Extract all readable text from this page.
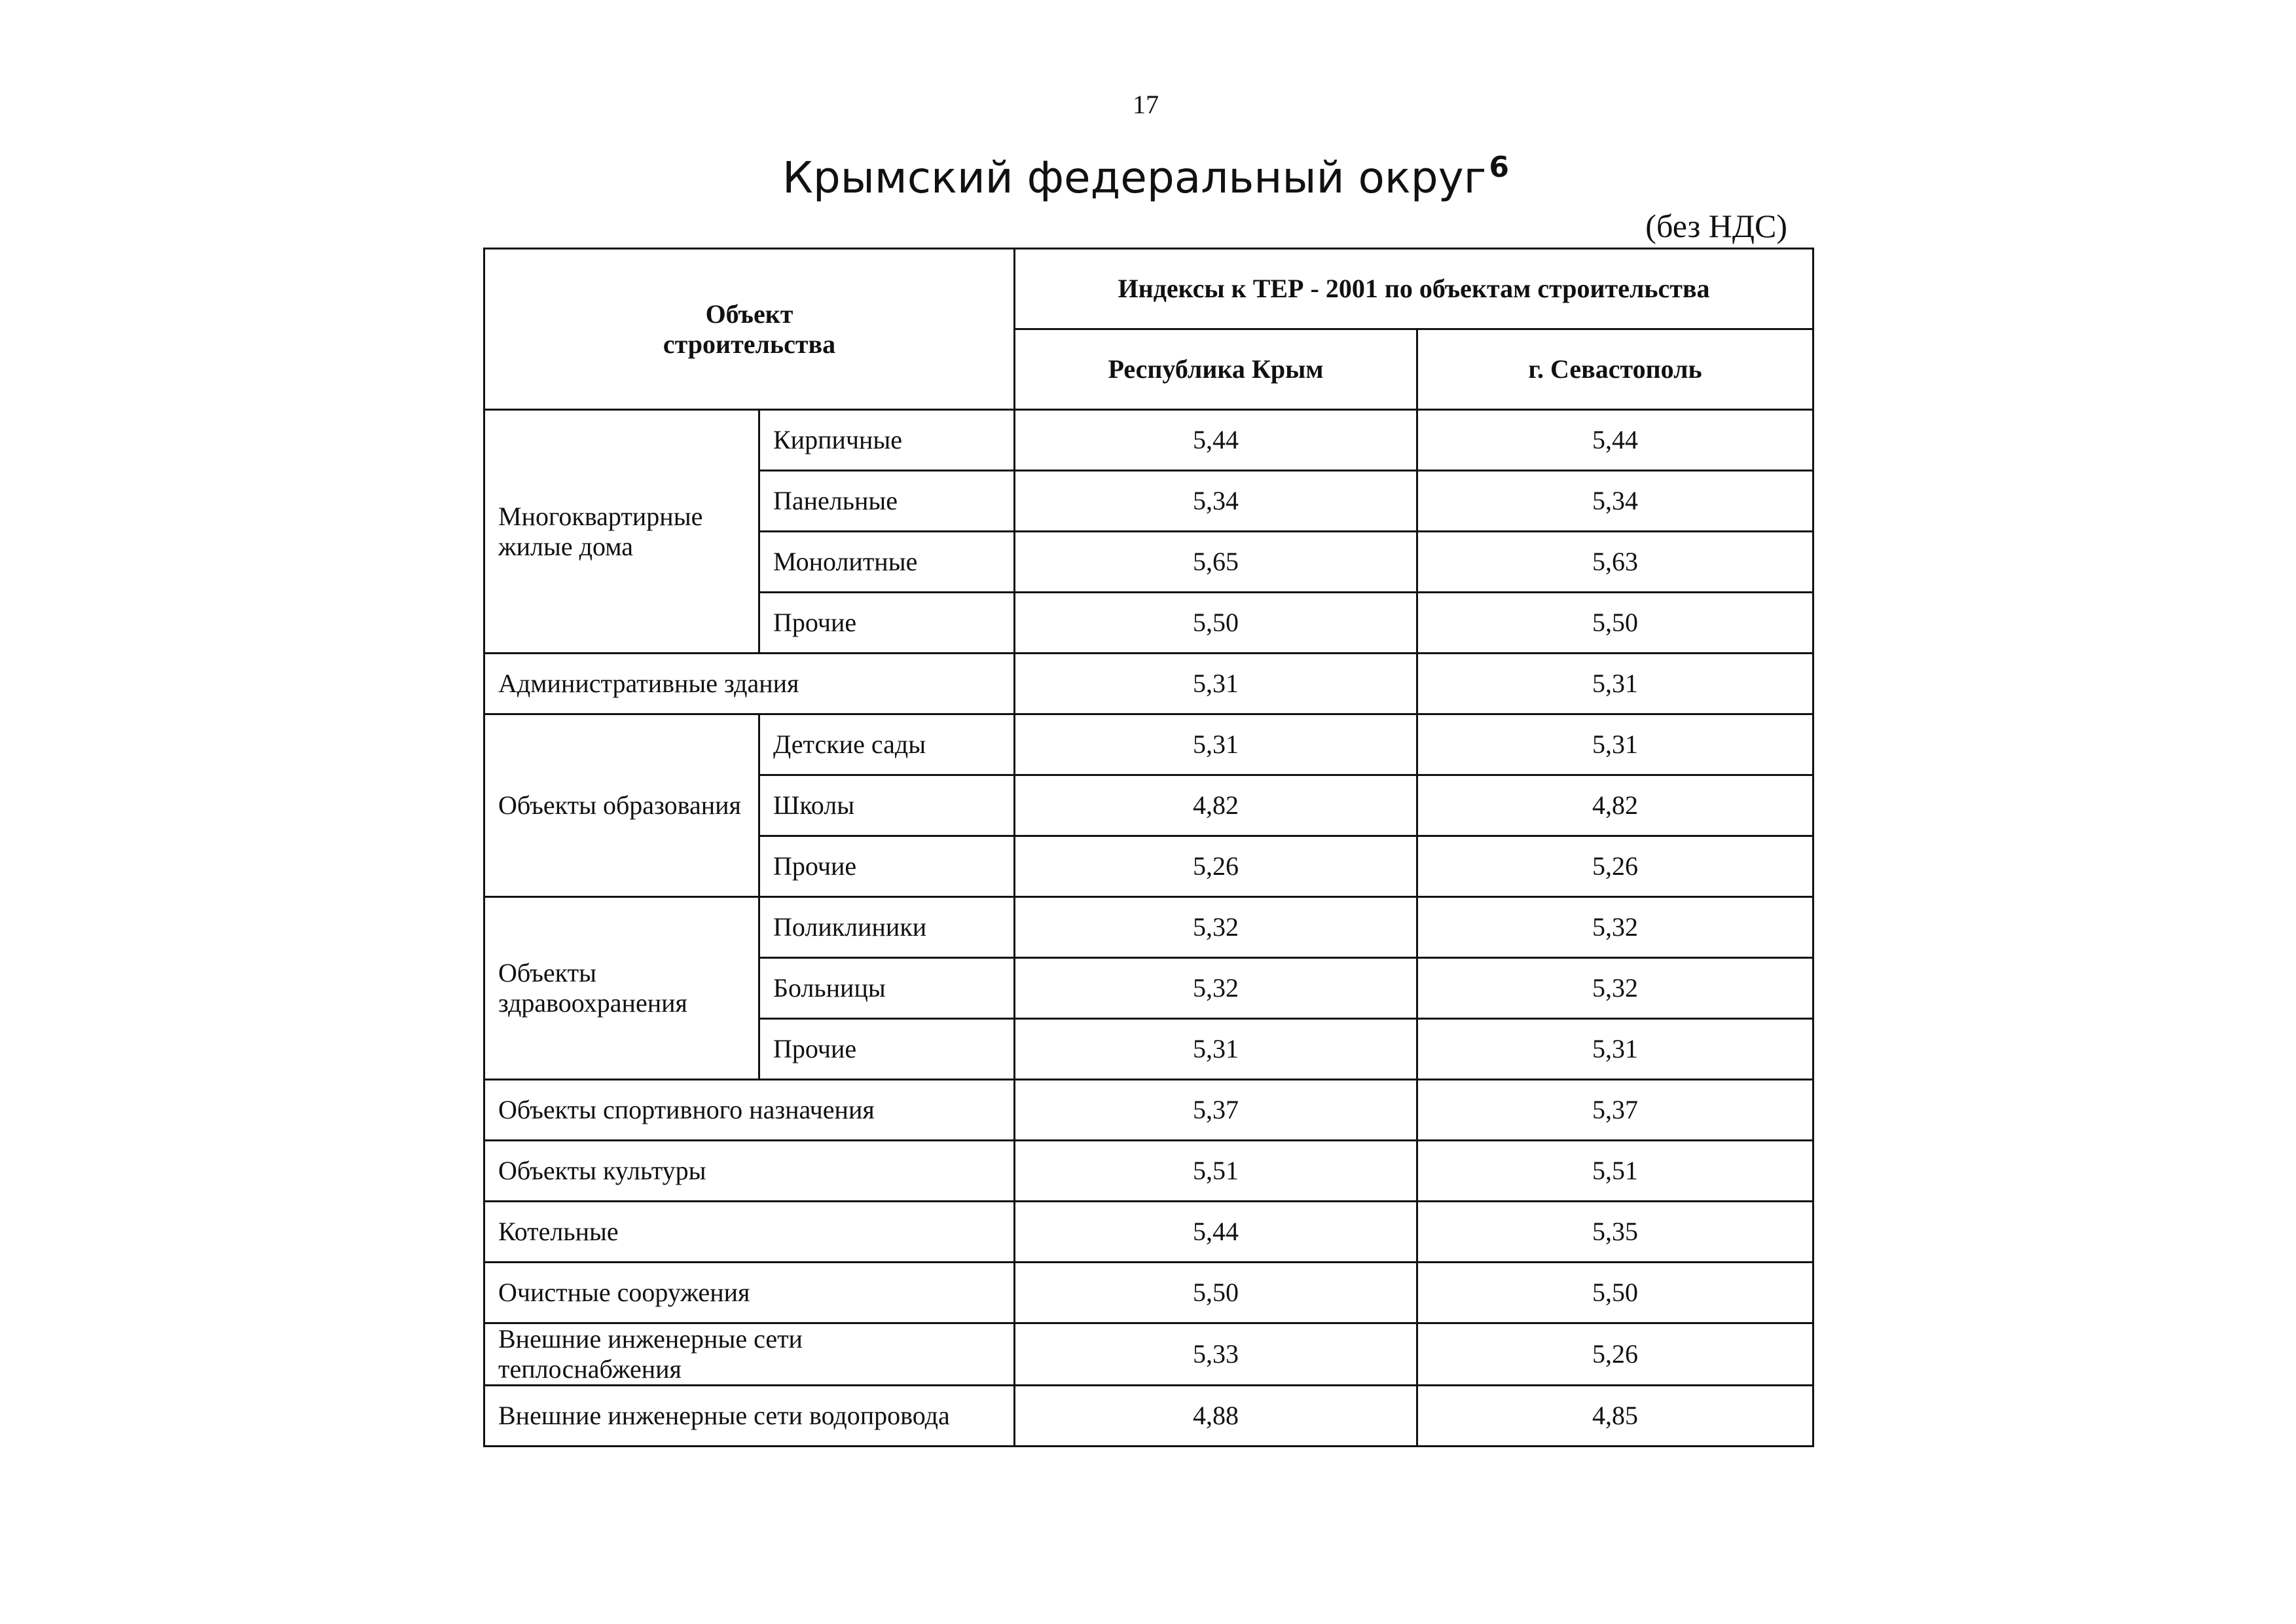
17
Крымский федеральный округ$^6$
(без НДС)
Объект строительства		Индексы к ТЕР - 2001 по объектам строительства	
		Республика Крым	г. Севастополь
Многоквартирные жилые дома	Кирпичные	5,44	5,44
	Панельные	5,34	5,34
	Монолитные	5,65	5,63
	Прочие	5,50	5,50
Административные здания		5,31	5,31
Объекты образования	Детские сады	5,31	5,31
	Школы	4,82	4,82
	Прочие	5,26	5,26
Объекты здравоохранения	Поликлиники	5,32	5,32
	Больницы	5,32	5,32
	Прочие	5,31	5,31
Объекты спортивного назначения		5,37	5,37
Объекты культуры		5,51	5,51
Котельные		5,44	5,35
Очистные сооружения		5,50	5,50
Внешние инженерные сети теплоснабжения		5,33	5,26
Внешние инженерные сети водопровода		4,88	4,85
